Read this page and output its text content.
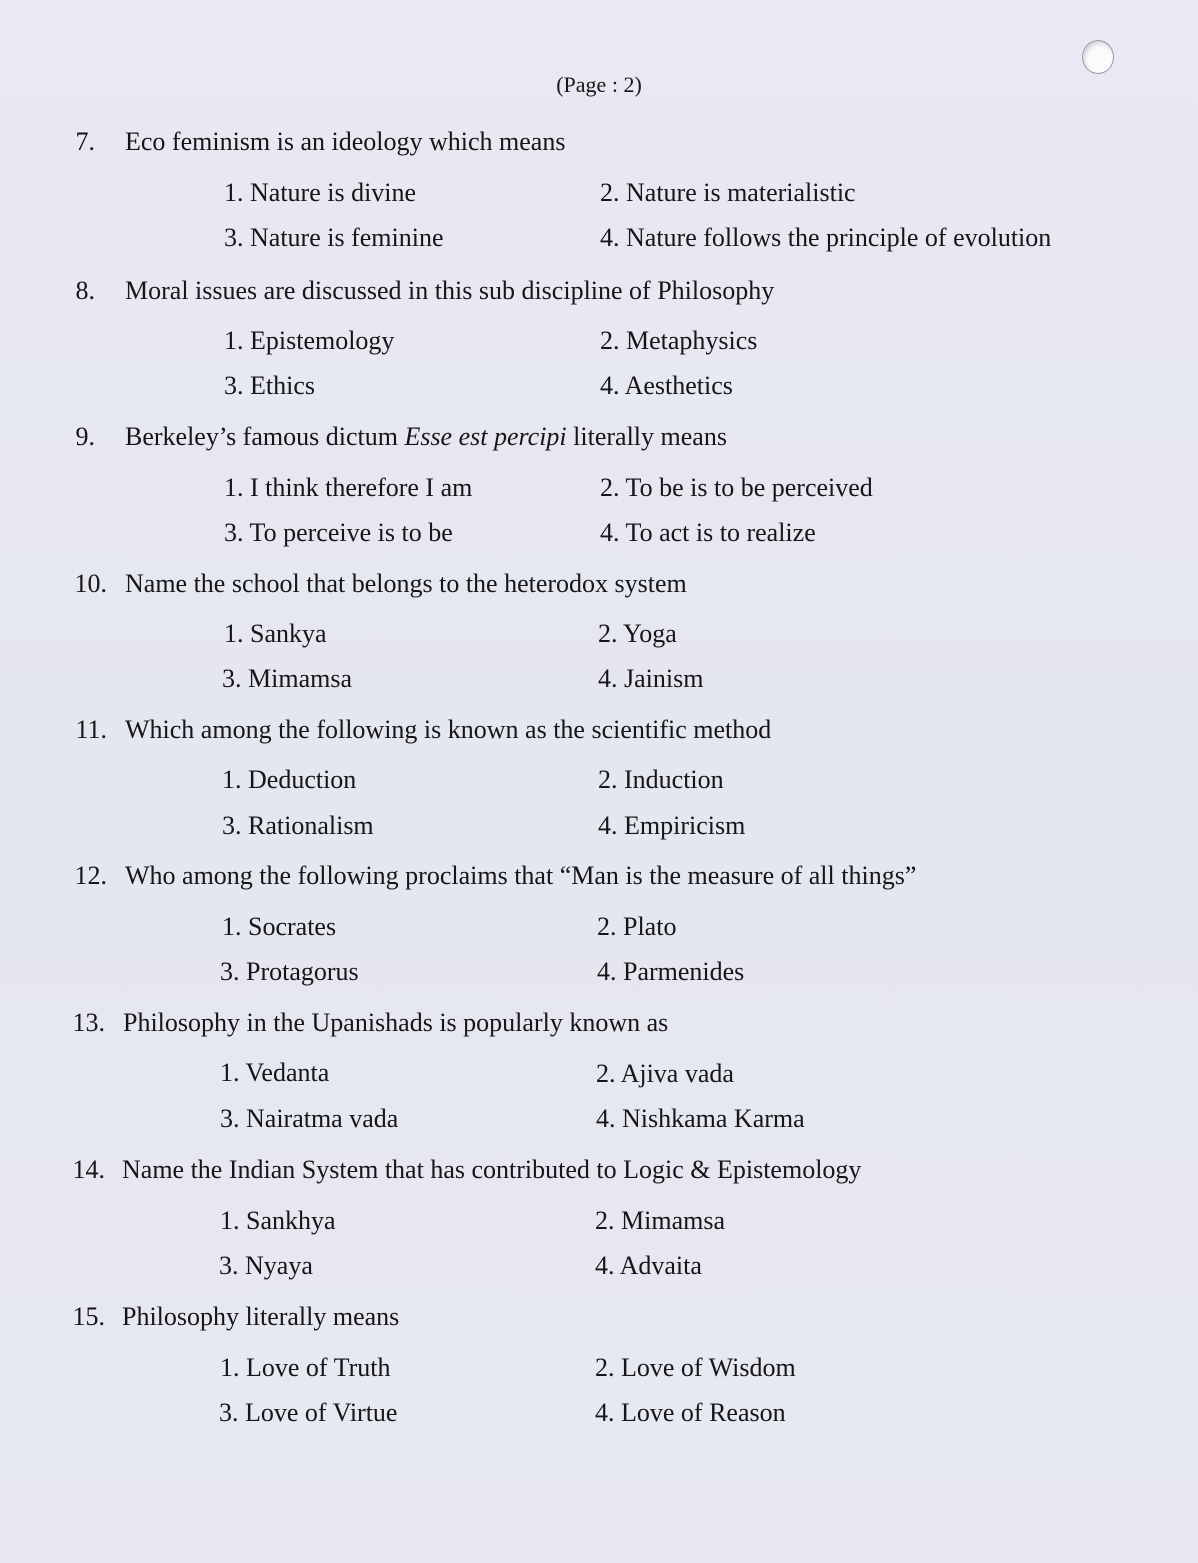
(Page : 2)
7. Eco feminism is an ideology which means
1. Nature is divine	2. Nature is materialistic
3. Nature is feminine	4. Nature follows the principle of evolution
8. Moral issues are discussed in this sub discipline of Philosophy
1. Epistemology	2. Metaphysics
3. Ethics	4. Aesthetics
9. Berkeley’s famous dictum Esse est percipi literally means
1. I think therefore I am	2. To be is to be perceived
3. To perceive is to be	4. To act is to realize
10. Name the school that belongs to the heterodox system
1. Sankya	2. Yoga
3. Mimamsa	4. Jainism
11. Which among the following is known as the scientific method
1. Deduction	2. Induction
3. Rationalism	4. Empiricism
12. Who among the following proclaims that “Man is the measure of all things”
1. Socrates	2. Plato
3. Protagorus	4. Parmenides
13. Philosophy in the Upanishads is popularly known as
1. Vedanta	2. Ajiva vada
3. Nairatma vada	4. Nishkama Karma
14. Name the Indian System that has contributed to Logic & Epistemology
1. Sankhya	2. Mimamsa
3. Nyaya	4. Advaita
15. Philosophy literally means
1. Love of Truth	2. Love of Wisdom
3. Love of Virtue	4. Love of Reason
